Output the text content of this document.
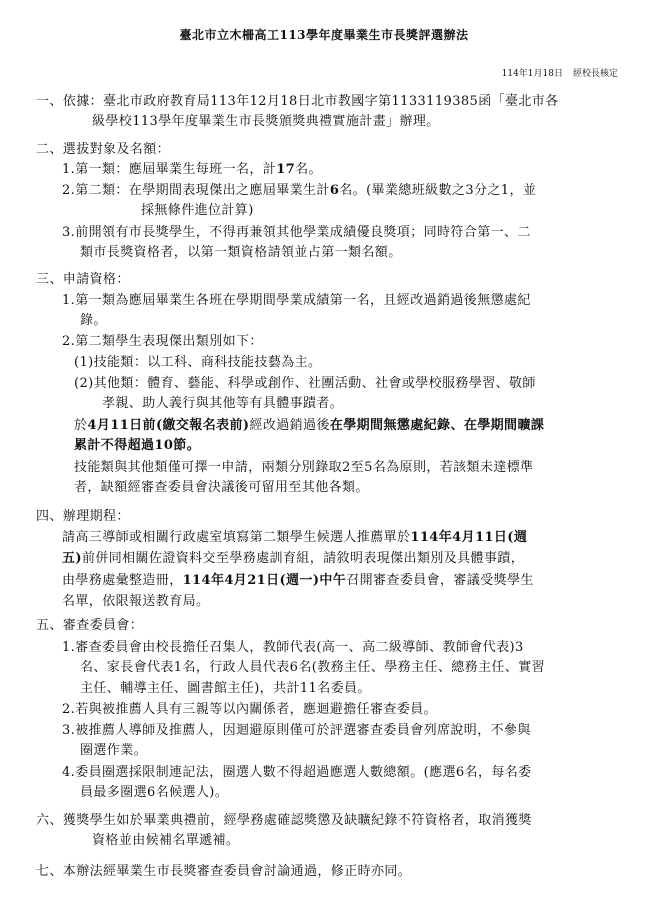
臺北市立木柵高工113學年度畢業生市長獎評選辦法
114年1月18日 經校長核定
一、依據：臺北市政府教育局113年12月18日北市教國字第1133119385函「臺北市各
級學校113學年度畢業生市長獎頒獎典禮實施計畫」辦理。
二、選拔對象及名額：
1.第一類：應屆畢業生每班一名，計17名。
2.第二類：在學期間表現傑出之應屆畢業生計6名。(畢業總班級數之3分之1，並
採無條件進位計算)
3.前開領有市長獎學生，不得再兼領其他學業成績優良獎項；同時符合第一、二
類市長獎資格者，以第一類資格請領並占第一類名額。
三、申請資格：
1.第一類為應屆畢業生各班在學期間學業成績第一名，且經改過銷過後無懲處紀
錄。
2.第二類學生表現傑出類別如下：
(1)技能類：以工科、商科技能技藝為主。
(2)其他類：體育、藝能、科學或創作、社團活動、社會或學校服務學習、敬師
孝親、助人義行與其他等有具體事蹟者。
於4月11日前(繳交報名表前)經改過銷過後在學期間無懲處紀錄、在學期間曠課
累計不得超過10節。
技能類與其他類僅可擇一申請，兩類分別錄取2至5名為原則，若該類未達標準
者，缺額經審查委員會決議後可留用至其他各類。
四、辦理期程：
請高三導師或相關行政處室填寫第二類學生候選人推薦單於114年4月11日(週
五)前併同相關佐證資料交至學務處訓育組，請敘明表現傑出類別及具體事蹟，
由學務處彙整造冊，114年4月21日(週一)中午召開審查委員會，審議受獎學生
名單，依限報送教育局。
五、審查委員會：
1.審查委員會由校長擔任召集人，教師代表(高一、高二級導師、教師會代表)3
名、家長會代表1名，行政人員代表6名(教務主任、學務主任、總務主任、實習
主任、輔導主任、圖書館主任)，共計11名委員。
2.若與被推薦人具有三親等以內關係者，應迴避擔任審查委員。
3.被推薦人導師及推薦人，因迴避原則僅可於評選審查委員會列席說明，不參與
圈選作業。
4.委員圈選採限制連記法，圈選人數不得超過應選人數總額。(應選6名，每名委
員最多圈選6名候選人)。
六、獲獎學生如於畢業典禮前，經學務處確認獎懲及缺曠紀錄不符資格者，取消獲獎
資格並由候補名單遞補。
七、本辦法經畢業生市長獎審查委員會討論通過，修正時亦同。
